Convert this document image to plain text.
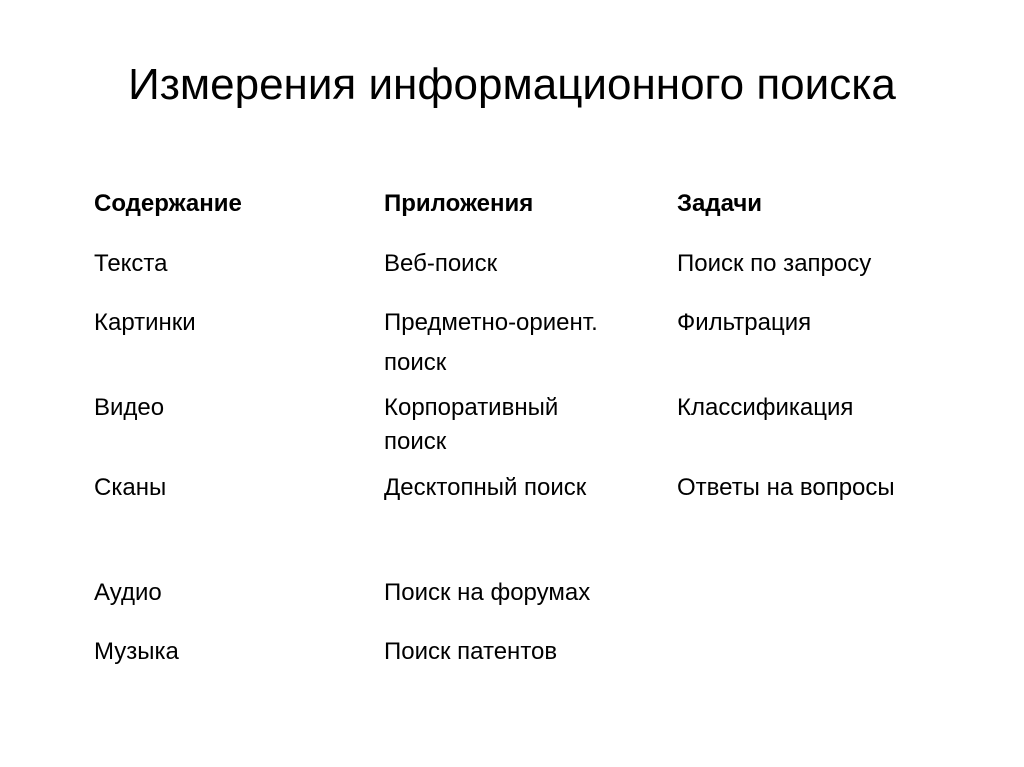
Измерения информационного поиска
Содержание	Приложения	Задачи
Текста
Картинки
Видео
Сканы
Аудио
Музыка
Веб-поиск
Предметно-ориент.
поиск
Корпоративный
поиск
Десктопный поиск
Поиск на форумах
Поиск патентов
Поиск по запросу
Фильтрация
Классификация
Ответы на вопросы
